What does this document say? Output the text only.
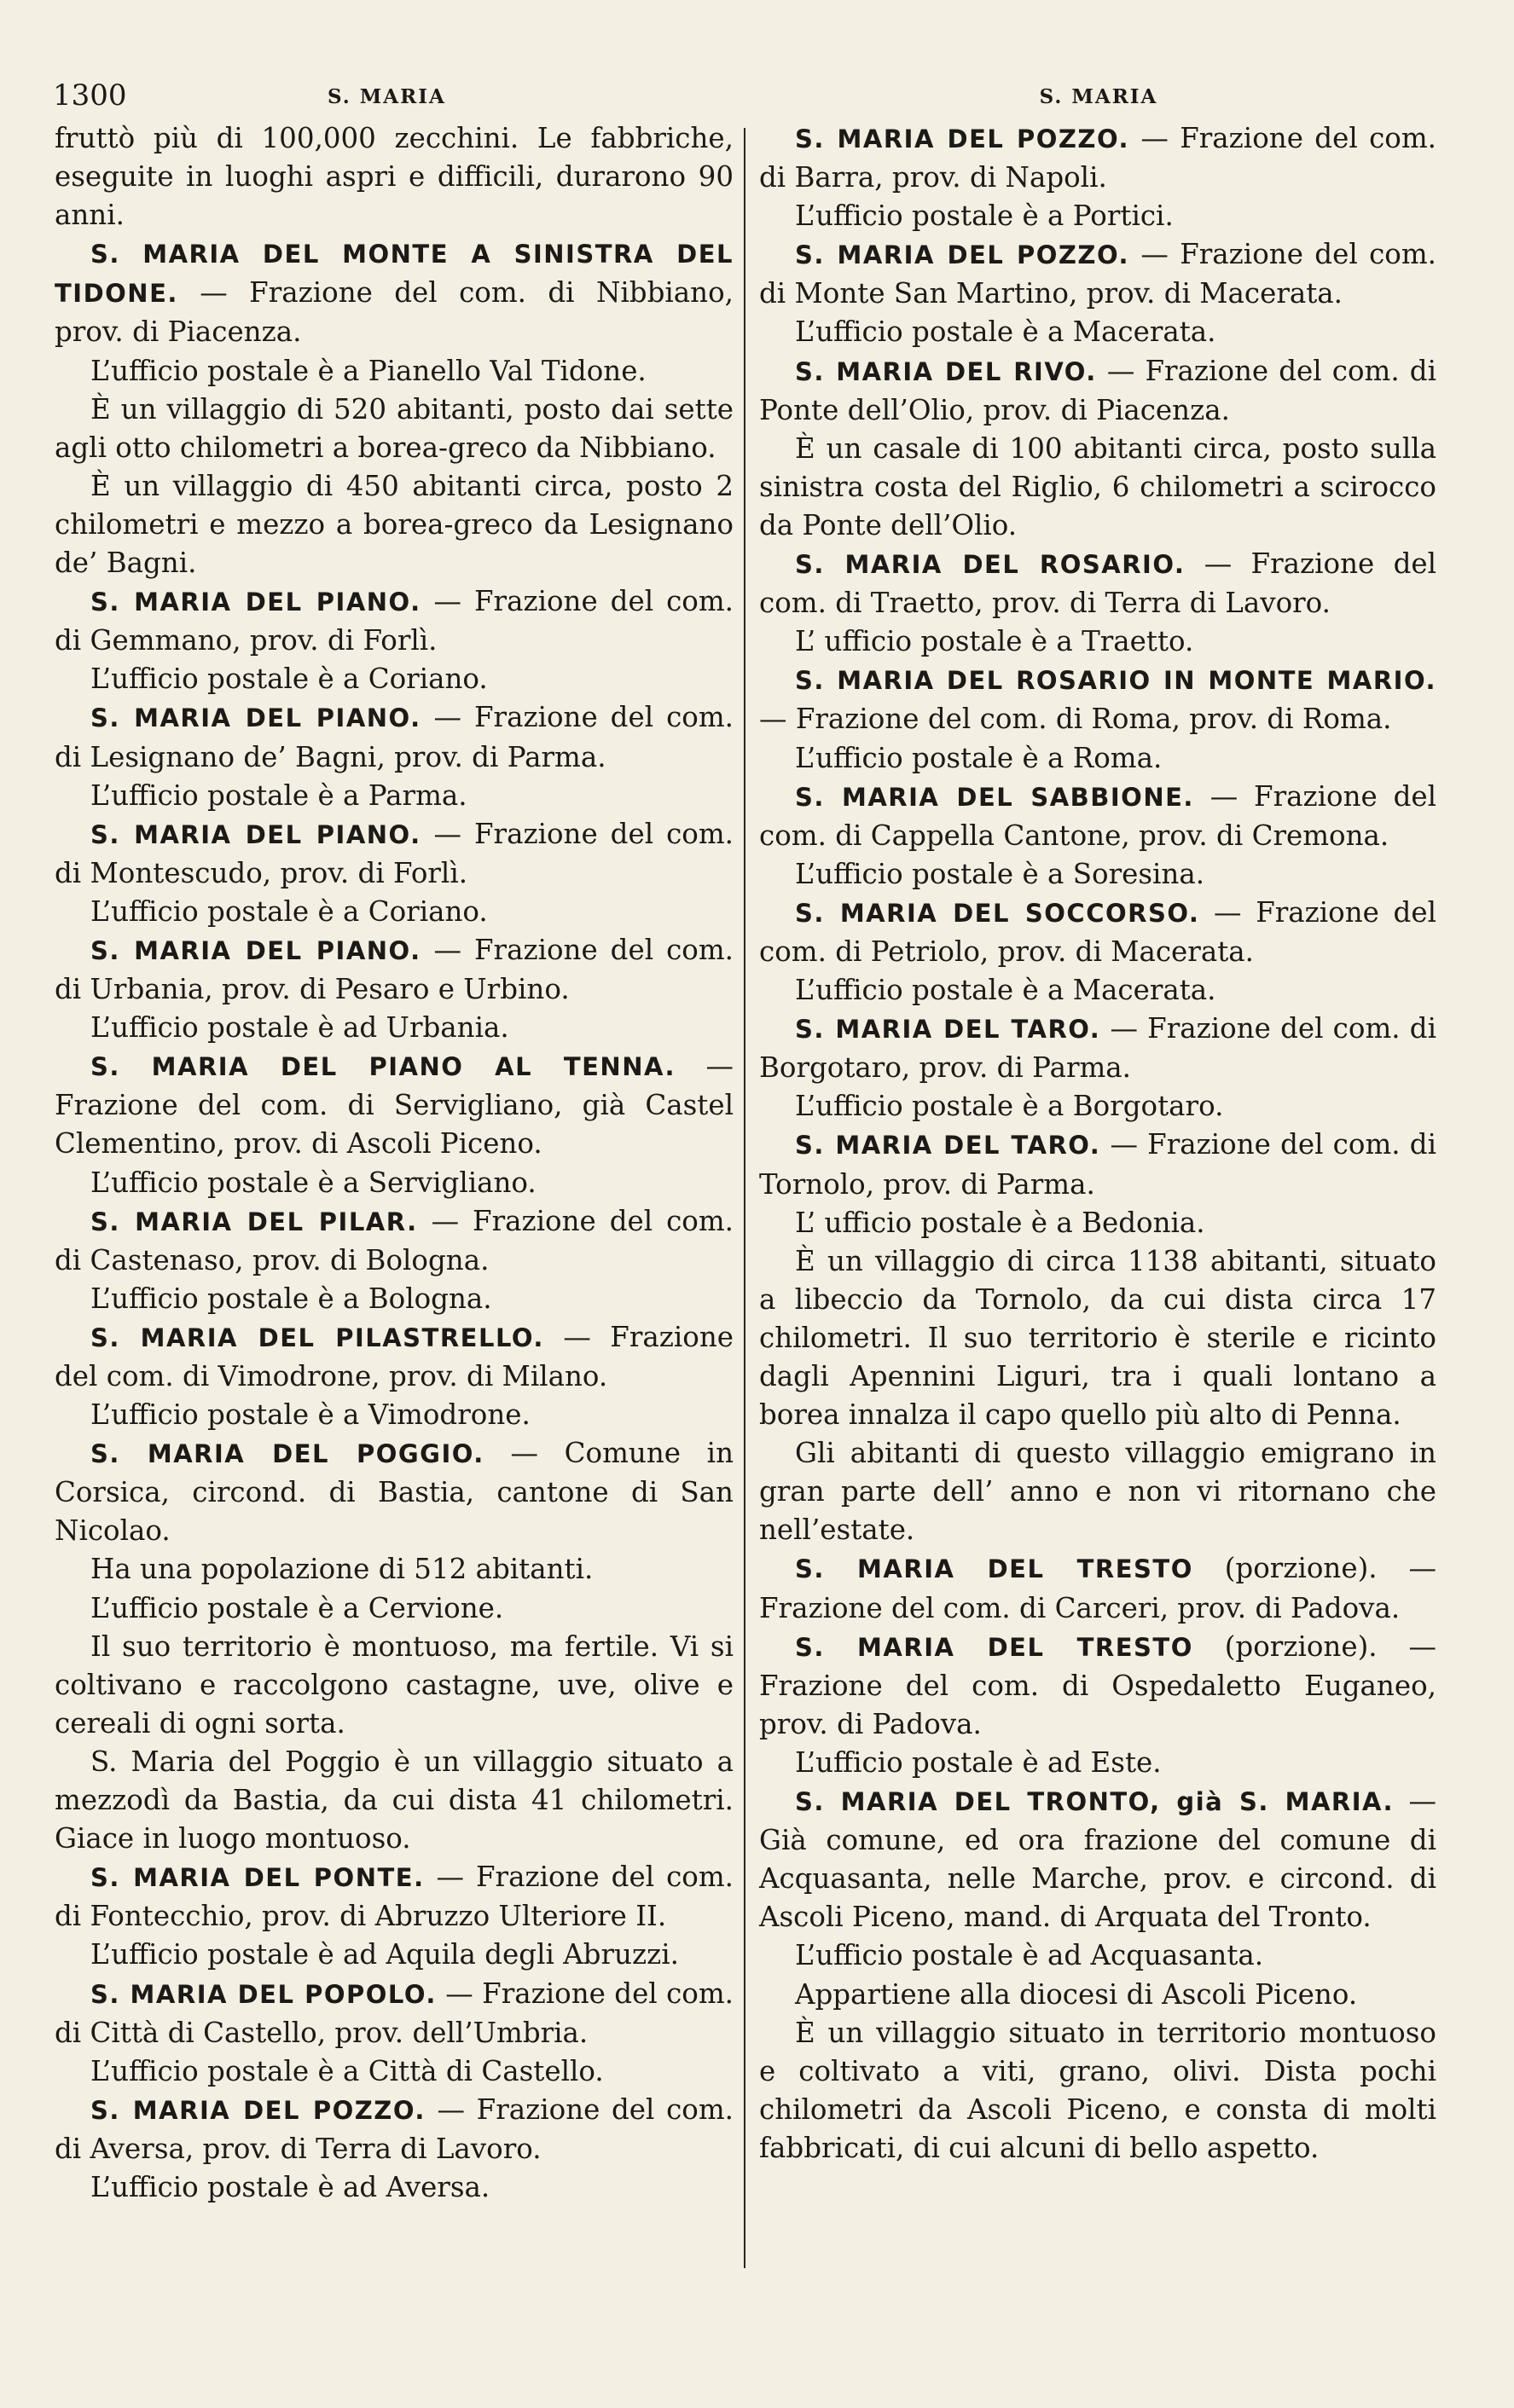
1300	S. MARIA	S. MARIA

fruttò più di 100,000 zecchini. Le fabbriche, eseguite in luoghi aspri e difficili, durarono 90 anni.

S. MARIA DEL MONTE A SINISTRA DEL TIDONE. — Frazione del com. di Nibbiano, prov. di Piacenza.

L’ufficio postale è a Pianello Val Tidone.

È un villaggio di 520 abitanti, posto dai sette agli otto chilometri a borea-greco da Nibbiano.

È un villaggio di 450 abitanti circa, posto 2 chilometri e mezzo a borea-greco da Lesignano de’ Bagni.

S. MARIA DEL PIANO. — Frazione del com. di Gemmano, prov. di Forlì.

L’ufficio postale è a Coriano.

S. MARIA DEL PIANO. — Frazione del com. di Lesignano de’ Bagni, prov. di Parma.

L’ufficio postale è a Parma.

S. MARIA DEL PIANO. — Frazione del com. di Montescudo, prov. di Forlì.

L’ufficio postale è a Coriano.

S. MARIA DEL PIANO. — Frazione del com. di Urbania, prov. di Pesaro e Urbino.

L’ufficio postale è ad Urbania.

S. MARIA DEL PIANO AL TENNA. — Frazione del com. di Servigliano, già Castel Clementino, prov. di Ascoli Piceno.

L’ufficio postale è a Servigliano.

S. MARIA DEL PILAR. — Frazione del com. di Castenaso, prov. di Bologna.

L’ufficio postale è a Bologna.

S. MARIA DEL PILASTRELLO. — Frazione del com. di Vimodrone, prov. di Milano.

L’ufficio postale è a Vimodrone.

S. MARIA DEL POGGIO. — Comune in Corsica, circond. di Bastia, cantone di San Nicolao.

Ha una popolazione di 512 abitanti.

L’ufficio postale è a Cervione.

Il suo territorio è montuoso, ma fertile. Vi si coltivano e raccolgono castagne, uve, olive e cereali di ogni sorta.

S. Maria del Poggio è un villaggio situato a mezzodì da Bastia, da cui dista 41 chilometri. Giace in luogo montuoso.

S. MARIA DEL PONTE. — Frazione del com. di Fontecchio, prov. di Abruzzo Ulteriore II.

L’ufficio postale è ad Aquila degli Abruzzi.

S. MARIA DEL POPOLO. — Frazione del com. di Città di Castello, prov. dell’Umbria.

L’ufficio postale è a Città di Castello.

S. MARIA DEL POZZO. — Frazione del com. di Aversa, prov. di Terra di Lavoro.

L’ufficio postale è ad Aversa.

S. MARIA DEL POZZO. — Frazione del com. di Barra, prov. di Napoli.

L’ufficio postale è a Portici.

S. MARIA DEL POZZO. — Frazione del com. di Monte San Martino, prov. di Macerata.

L’ufficio postale è a Macerata.

S. MARIA DEL RIVO. — Frazione del com. di Ponte dell’Olio, prov. di Piacenza.

È un casale di 100 abitanti circa, posto sulla sinistra costa del Riglio, 6 chilometri a scirocco da Ponte dell’Olio.

S. MARIA DEL ROSARIO. — Frazione del com. di Traetto, prov. di Terra di Lavoro.

L’ ufficio postale è a Traetto.

S. MARIA DEL ROSARIO IN MONTE MARIO. — Frazione del com. di Roma, prov. di Roma.

L’ufficio postale è a Roma.

S. MARIA DEL SABBIONE. — Frazione del com. di Cappella Cantone, prov. di Cremona.

L’ufficio postale è a Soresina.

S. MARIA DEL SOCCORSO. — Frazione del com. di Petriolo, prov. di Macerata.

L’ufficio postale è a Macerata.

S. MARIA DEL TARO. — Frazione del com. di Borgotaro, prov. di Parma.

L’ufficio postale è a Borgotaro.

S. MARIA DEL TARO. — Frazione del com. di Tornolo, prov. di Parma.

L’ ufficio postale è a Bedonia.

È un villaggio di circa 1138 abitanti, situato a libeccio da Tornolo, da cui dista circa 17 chilometri. Il suo territorio è sterile e ricinto dagli Apennini Liguri, tra i quali lontano a borea innalza il capo quello più alto di Penna.

Gli abitanti di questo villaggio emigrano in gran parte dell’ anno e non vi ritornano che nell’estate.

S. MARIA DEL TRESTO (porzione). — Frazione del com. di Carceri, prov. di Padova.

S. MARIA DEL TRESTO (porzione). — Frazione del com. di Ospedaletto Euganeo, prov. di Padova.

L’ufficio postale è ad Este.

S. MARIA DEL TRONTO, già S. MARIA. — Già comune, ed ora frazione del comune di Acquasanta, nelle Marche, prov. e circond. di Ascoli Piceno, mand. di Arquata del Tronto.

L’ufficio postale è ad Acquasanta.

Appartiene alla diocesi di Ascoli Piceno.

È un villaggio situato in territorio montuoso e coltivato a viti, grano, olivi. Dista pochi chilometri da Ascoli Piceno, e consta di molti fabbricati, di cui alcuni di bello aspetto.
